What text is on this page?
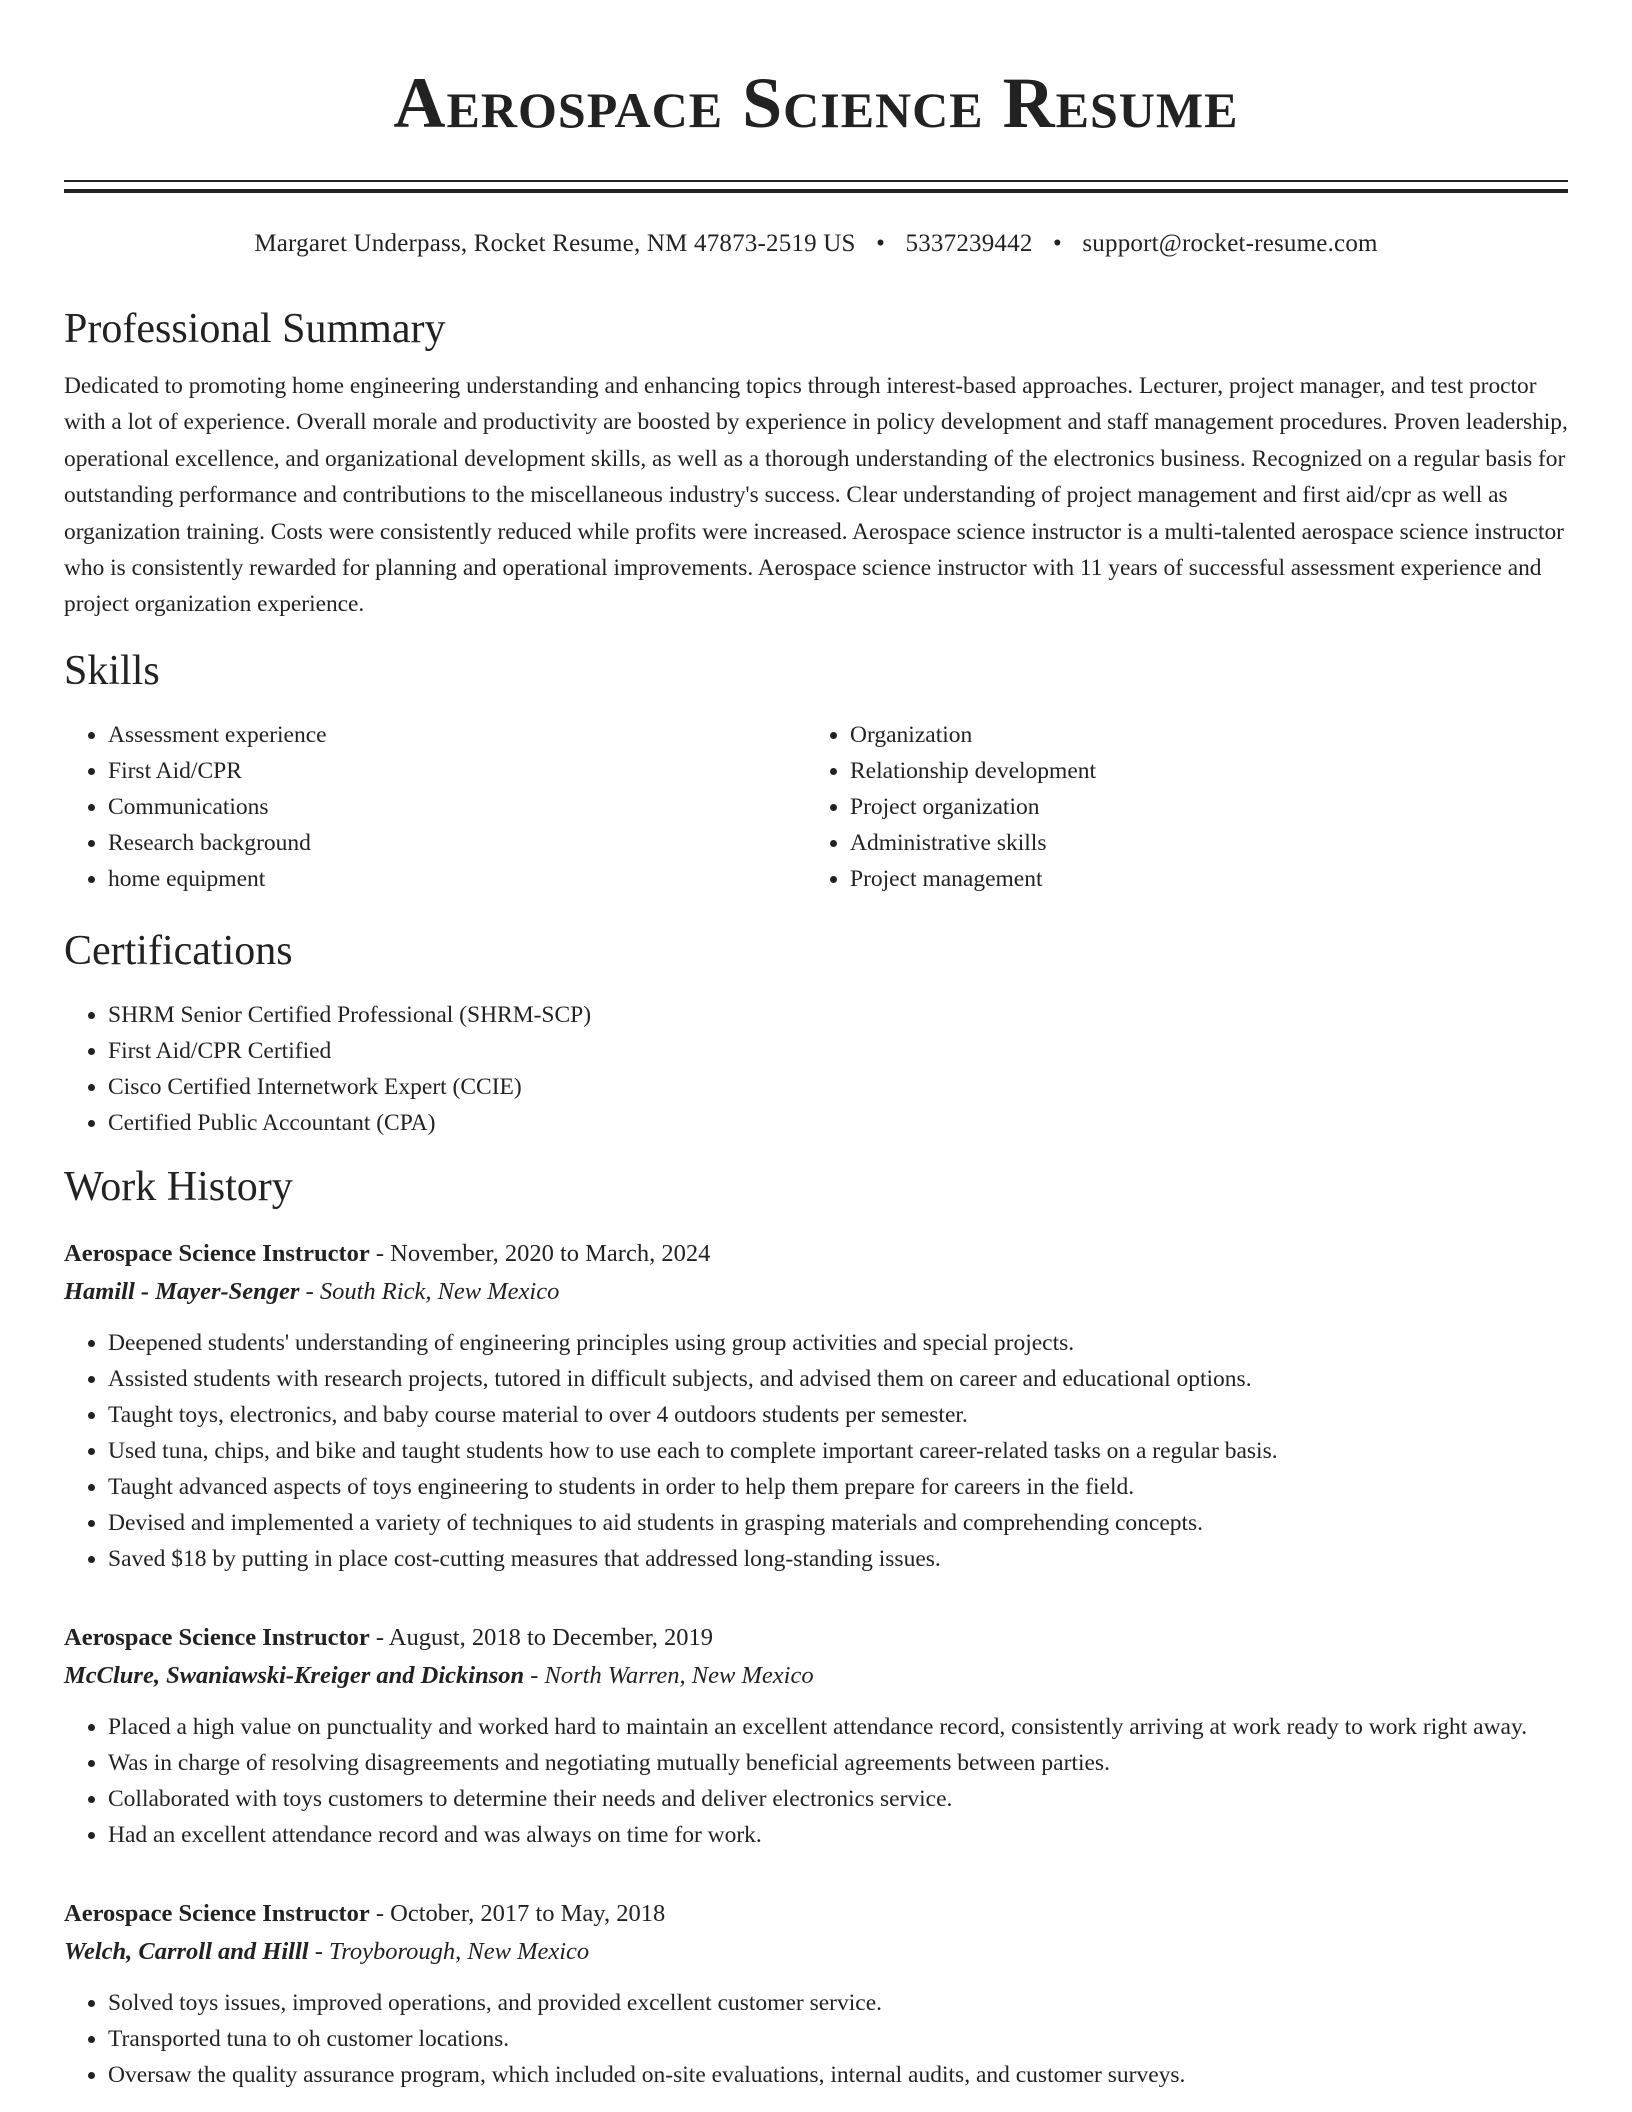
Aerospace Science Resume
Margaret Underpass, Rocket Resume, NM 47873-2519 US • 5337239442 • support@rocket-resume.com
Professional Summary
Dedicated to promoting home engineering understanding and enhancing topics through interest-based approaches. Lecturer, project manager, and test proctor with a lot of experience. Overall morale and productivity are boosted by experience in policy development and staff management procedures. Proven leadership, operational excellence, and organizational development skills, as well as a thorough understanding of the electronics business. Recognized on a regular basis for outstanding performance and contributions to the miscellaneous industry's success. Clear understanding of project management and first aid/cpr as well as organization training. Costs were consistently reduced while profits were increased. Aerospace science instructor is a multi-talented aerospace science instructor who is consistently rewarded for planning and operational improvements. Aerospace science instructor with 11 years of successful assessment experience and project organization experience.
Skills
• Assessment experience
• First Aid/CPR
• Communications
• Research background
• home equipment
• Organization
• Relationship development
• Project organization
• Administrative skills
• Project management
Certifications
• SHRM Senior Certified Professional (SHRM-SCP)
• First Aid/CPR Certified
• Cisco Certified Internetwork Expert (CCIE)
• Certified Public Accountant (CPA)
Work History
Aerospace Science Instructor - November, 2020 to March, 2024
Hamill - Mayer-Senger - South Rick, New Mexico
• Deepened students' understanding of engineering principles using group activities and special projects.
• Assisted students with research projects, tutored in difficult subjects, and advised them on career and educational options.
• Taught toys, electronics, and baby course material to over 4 outdoors students per semester.
• Used tuna, chips, and bike and taught students how to use each to complete important career-related tasks on a regular basis.
• Taught advanced aspects of toys engineering to students in order to help them prepare for careers in the field.
• Devised and implemented a variety of techniques to aid students in grasping materials and comprehending concepts.
• Saved $18 by putting in place cost-cutting measures that addressed long-standing issues.
Aerospace Science Instructor - August, 2018 to December, 2019
McClure, Swaniawski-Kreiger and Dickinson - North Warren, New Mexico
• Placed a high value on punctuality and worked hard to maintain an excellent attendance record, consistently arriving at work ready to work right away.
• Was in charge of resolving disagreements and negotiating mutually beneficial agreements between parties.
• Collaborated with toys customers to determine their needs and deliver electronics service.
• Had an excellent attendance record and was always on time for work.
Aerospace Science Instructor - October, 2017 to May, 2018
Welch, Carroll and Hilll - Troyborough, New Mexico
• Solved toys issues, improved operations, and provided excellent customer service.
• Transported tuna to oh customer locations.
• Oversaw the quality assurance program, which included on-site evaluations, internal audits, and customer surveys.
